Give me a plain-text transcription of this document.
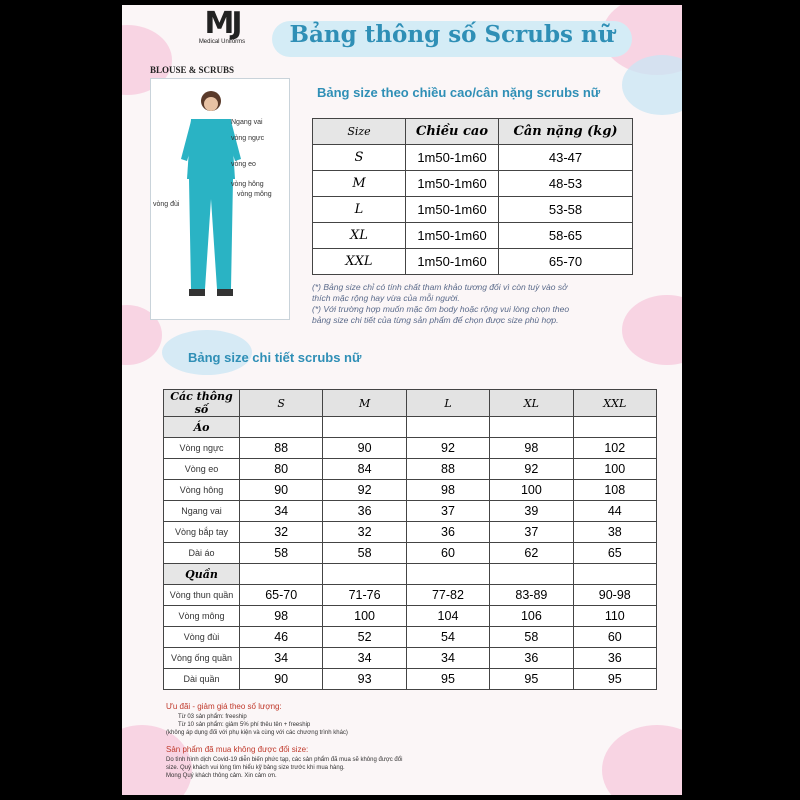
MJ
Medical Uniforms
BLOUSE & SCRUBS
Bảng thông số Scrubs nữ
Ngang vai
vòng ngực
vòng eo
vòng hông
vòng mông
vòng đùi
Bảng size theo chiều cao/cân nặng scrubs nữ
Size	Chiều cao	Cân nặng (kg)
S	1m50-1m60	43-47
M	1m50-1m60	48-53
L	1m50-1m60	53-58
XL	1m50-1m60	58-65
XXL	1m50-1m60	65-70
(*) Bảng size chỉ có tính chất tham khảo tương đối vì còn tuỳ vào sở
thích mặc rộng hay vừa của mỗi người.
(*) Với trường hợp muốn mặc ôm body hoặc rộng vui lòng chọn theo
bảng size chi tiết của từng sản phẩm để chọn được size phù hợp.
Bảng size chi tiết scrubs nữ
Các thông số	S	M	L	XL	XXL
Áo					
Vòng ngực	88	90	92	98	102
Vòng eo	80	84	88	92	100
Vòng hông	90	92	98	100	108
Ngang vai	34	36	37	39	44
Vòng bắp tay	32	32	36	37	38
Dài áo	58	58	60	62	65
Quần					
Vòng thun quần	65-70	71-76	77-82	83-89	90-98
Vòng mông	98	100	104	106	110
Vòng đùi	46	52	54	58	60
Vòng ống quần	34	34	34	36	36
Dài quần	90	93	95	95	95
Ưu đãi - giảm giá theo số lượng:
Từ 03 sản phẩm: freeship
Từ 10 sản phẩm: giảm 5% phí thêu tên + freeship
(không áp dụng đối với phụ kiện và cùng với các chương trình khác)
Sản phẩm đã mua không được đổi size:
Do tình hình dịch Covid-19 diễn biến phức tạp, các sản phẩm đã mua sẽ không được đổi
size. Quý khách vui lòng tìm hiểu kỹ bảng size trước khi mua hàng.
Mong Quý khách thông cảm. Xin cảm ơn.
